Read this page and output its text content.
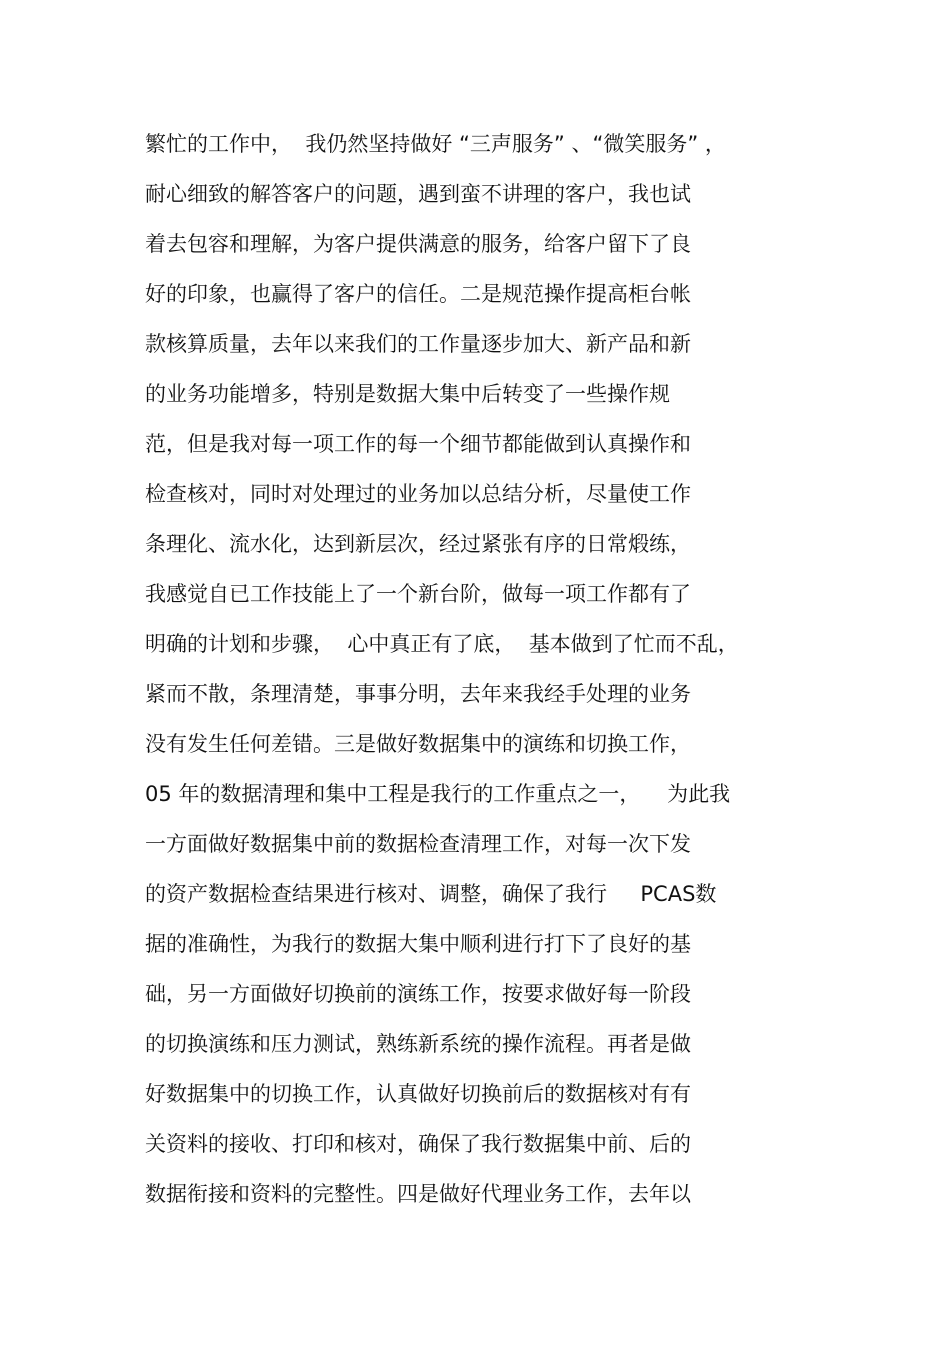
繁忙的工作中，  我仍然坚持做好 “三声服务” 、“微笑服务” ，
耐心细致的解答客户的问题，遇到蛮不讲理的客户，我也试
着去包容和理解，为客户提供满意的服务，给客户留下了良
好的印象，也赢得了客户的信任。二是规范操作提高柜台帐
款核算质量，去年以来我们的工作量逐步加大、新产品和新
的业务功能增多，特别是数据大集中后转变了一些操作规
范，但是我对每一项工作的每一个细节都能做到认真操作和
检查核对，同时对处理过的业务加以总结分析，尽量使工作
条理化、流水化，达到新层次，经过紧张有序的日常煅练，
我感觉自已工作技能上了一个新台阶，做每一项工作都有了
明确的计划和步骤，  心中真正有了底，  基本做到了忙而不乱，
紧而不散，条理清楚，事事分明，去年来我经手处理的业务
没有发生任何差错。三是做好数据集中的演练和切换工作，
05 年的数据清理和集中工程是我行的工作重点之一，    为此我
一方面做好数据集中前的数据检查清理工作，对每一次下发
的资产数据检查结果进行核对、调整，确保了我行     PCAS数
据的准确性，为我行的数据大集中顺利进行打下了良好的基
础，另一方面做好切换前的演练工作，按要求做好每一阶段
的切换演练和压力测试，熟练新系统的操作流程。再者是做
好数据集中的切换工作，认真做好切换前后的数据核对有有
关资料的接收、打印和核对，确保了我行数据集中前、后的
数据衔接和资料的完整性。四是做好代理业务工作，去年以
